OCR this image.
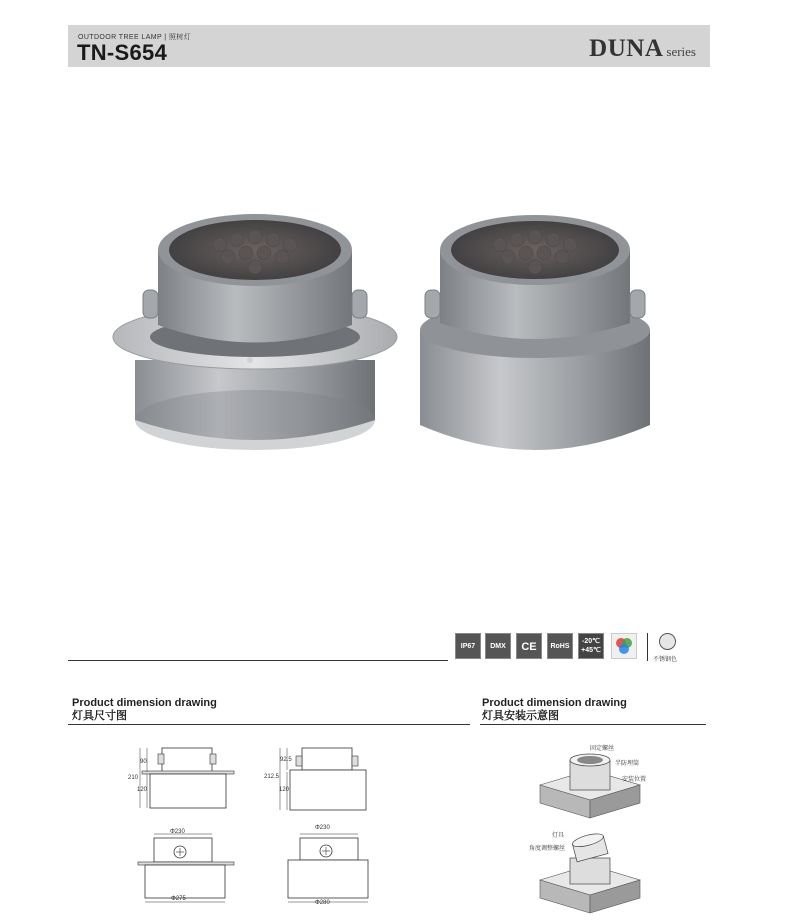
OUTDOOR TREE LAMP | 照树灯
TN-S654	DUNA series
IP67	DMX	CE	RoHS
-20℃
+45℃
不锈钢色
Product dimension drawing
灯具尺寸图
Product dimension drawing
灯具安装示意图
90
210
120
92.5
212.5
120
Φ230
Φ275
Φ230
Φ280
固定螺丝
半防埋筒
安装位置
灯具
角度调整螺丝
